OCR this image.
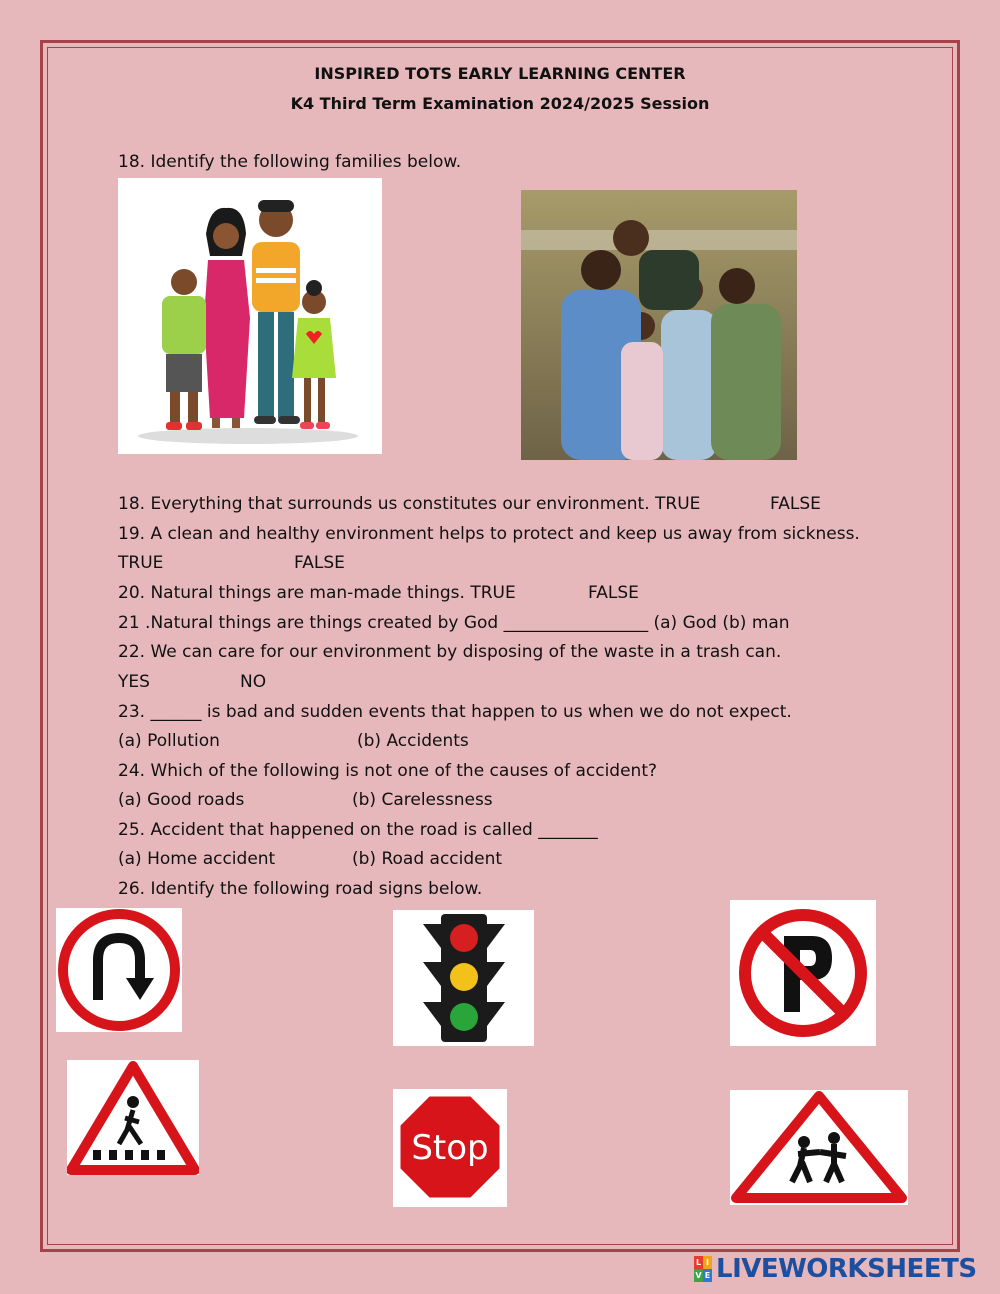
INSPIRED TOTS EARLY LEARNING CENTER
K4 Third Term Examination 2024/2025 Session
18. Identify the following families below.
18. Everything that surrounds us constitutes our environment. TRUE	FALSE
19. A clean and healthy environment helps to protect and keep us away from sickness.
TRUE	FALSE
20. Natural things are man-made things. TRUE	FALSE
21 .Natural things are things created by God _________________ (a) God (b) man
22. We can care for our environment by disposing of the waste in a trash can.
YES	NO
23. ______ is bad and sudden events that happen to us when we do not expect.
(a) Pollution	(b) Accidents
24. Which of the following is not one of the causes of accident?
(a) Good roads	(b) Carelessness
25. Accident that happened on the road is called _______
(a) Home accident	(b) Road accident
26. Identify the following road signs below.
Stop
L I
V E LIVEWORKSHEETS
